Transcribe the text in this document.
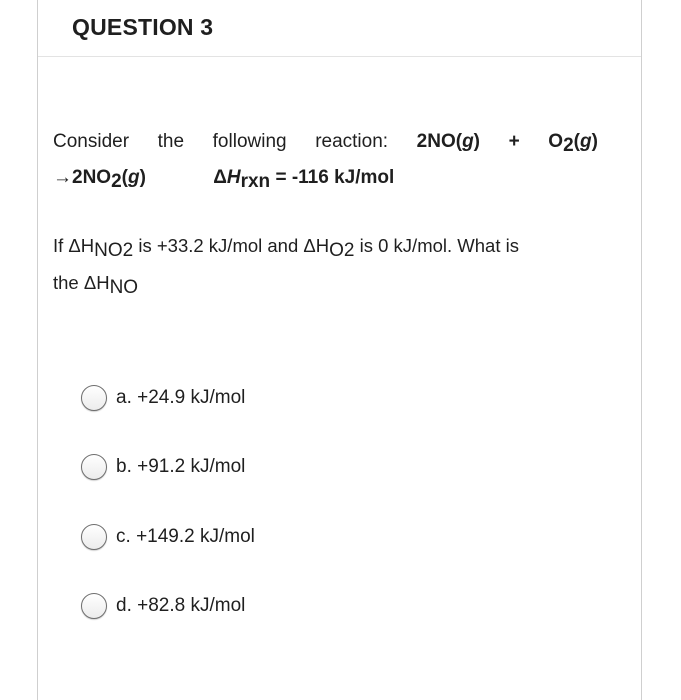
QUESTION 3
Consider the following reaction: 2NO(g) + O2(g)
→2NO2(g)	ΔHrxn = -116 kJ/mol
If ΔHNO2 is +33.2 kJ/mol and ΔHO2 is 0 kJ/mol. What is
the ΔHNO
a. +24.9 kJ/mol
b. +91.2 kJ/mol
c. +149.2 kJ/mol
d. +82.8 kJ/mol
